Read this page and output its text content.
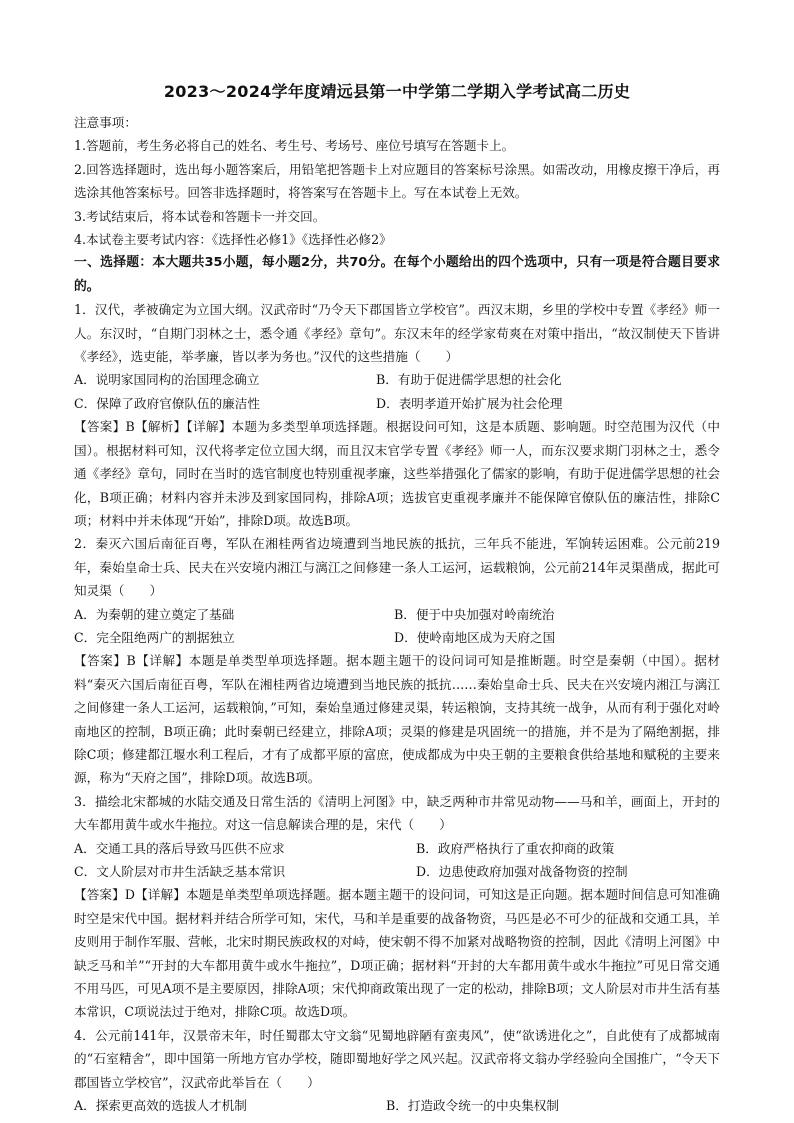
2023～2024学年度靖远县第一中学第二学期入学考试高二历史

注意事项：

1.答题前，考生务必将自己的姓名、考生号、考场号、座位号填写在答题卡上。

2.回答选择题时，选出每小题答案后，用铅笔把答题卡上对应题目的答案标号涂黑。如需改动，用橡皮擦干净后，再选涂其他答案标号。回答非选择题时，将答案写在答题卡上。写在本试卷上无效。

3.考试结束后，将本试卷和答题卡一并交回。

4.本试卷主要考试内容：《选择性必修1》《选择性必修2》

一、选择题：本大题共35小题，每小题2分，共70分。在每个小题给出的四个选项中，只有一项是符合题目要求的。

1．汉代，孝被确定为立国大纲。汉武帝时“乃令天下郡国皆立学校官”。西汉末期，乡里的学校中专置《孝经》师一人。东汉时，“自期门羽林之士，悉令通《孝经》章句”。东汉末年的经学家荀爽在对策中指出，“故汉制使天下皆讲《孝经》，选吏能，举孝廉，皆以孝为务也。”汉代的这些措施（　　）

A．说明家国同构的治国理念确立	B．有助于促进儒学思想的社会化
C．保障了政府官僚队伍的廉洁性	D．表明孝道开始扩展为社会伦理

【答案】B【解析】【详解】本题为多类型单项选择题。根据设问可知，这是本质题、影响题。时空范围为汉代（中国）。根据材料可知，汉代将孝定位立国大纲，而且汉末官学专置《孝经》师一人，而东汉要求期门羽林之士，悉令通《孝经》章句，同时在当时的选官制度也特别重视孝廉，这些举措强化了儒家的影响，有助于促进儒学思想的社会化，B项正确；材料内容并未涉及到家国同构，排除A项；选拔官吏重视孝廉并不能保障官僚队伍的廉洁性，排除C项；材料中并未体现“开始”，排除D项。故选B项。

2．秦灭六国后南征百粤，军队在湘桂两省边境遭到当地民族的抵抗，三年兵不能进，军饷转运困难。公元前219年，秦始皇命士兵、民夫在兴安境内湘江与漓江之间修建一条人工运河，运载粮饷，公元前214年灵渠凿成，据此可知灵渠（　　）

A．为秦朝的建立奠定了基础	B．便于中央加强对岭南统治
C．完全阻绝两广的割据独立	D．使岭南地区成为天府之国

【答案】B【详解】本题是单类型单项选择题。据本题主题干的设问词可知是推断题。时空是秦朝（中国）。据材料“秦灭六国后南征百粤，军队在湘桂两省边境遭到当地民族的抵抗……秦始皇命士兵、民夫在兴安境内湘江与漓江之间修建一条人工运河，运载粮饷，”可知，秦始皇通过修建灵渠，转运粮饷，支持其统一战争，从而有利于强化对岭南地区的控制，B项正确；此时秦朝已经建立，排除A项；灵渠的修建是巩固统一的措施，并不是为了隔绝割据，排除C项；修建都江堰水利工程后，才有了成都平原的富庶，使成都成为中央王朝的主要粮食供给基地和赋税的主要来源，称为“天府之国”，排除D项。故选B项。

3．描绘北宋都城的水陆交通及日常生活的《清明上河图》中，缺乏两种市井常见动物——马和羊，画面上，开封的大车都用黄牛或水牛拖拉。对这一信息解读合理的是，宋代（　　）

A．交通工具的落后导致马匹供不应求	B．政府严格执行了重农抑商的政策
C．文人阶层对市井生活缺乏基本常识	D．边患使政府加强对战备物资的控制

【答案】D【详解】本题是单类型单项选择题。据本题主题干的设问词，可知这是正向题。据本题时间信息可知准确时空是宋代中国。据材料并结合所学可知，宋代，马和羊是重要的战备物资，马匹是必不可少的征战和交通工具，羊皮则用于制作军服、营帐，北宋时期民族政权的对峙，使宋朝不得不加紧对战略物资的控制，因此《清明上河图》中缺乏马和羊”“开封的大车都用黄牛或水牛拖拉”，D项正确；据材料“开封的大车都用黄牛或水牛拖拉”可见日常交通不用马匹，可见A项不是主要原因，排除A项；宋代抑商政策出现了一定的松动，排除B项；文人阶层对市井生活有基本常识，C项说法过于绝对，排除C项。故选D项。

4．公元前141年，汉景帝末年，时任蜀郡太守文翁“见蜀地辟陋有蛮夷风”，使“欲诱进化之”，自此使有了成都城南的“石室精舍”，即中国第一所地方官办学校，随即蜀地好学之风兴起。汉武帝将文翁办学经验向全国推广，“令天下郡国皆立学校官”，汉武帝此举旨在（　　）

A．探索更高效的选拔人才机制	B．打造政令统一的中央集权制
